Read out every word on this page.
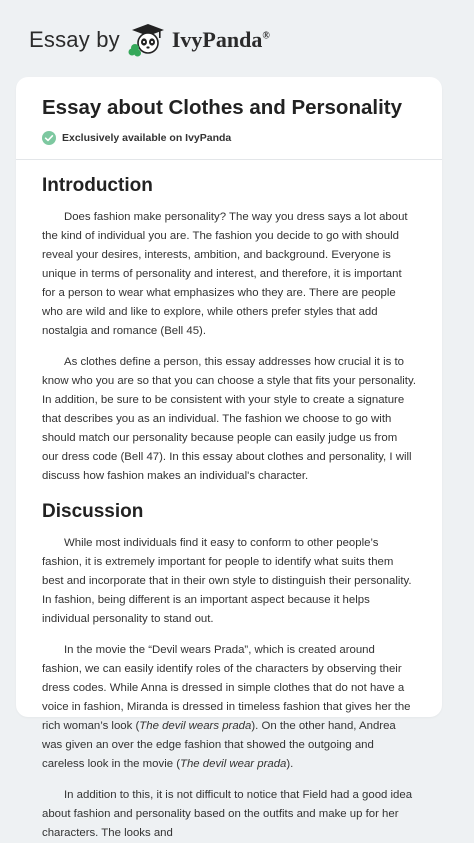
Essay by IvyPanda®
Essay about Clothes and Personality
Exclusively available on IvyPanda
Introduction

Does fashion make personality? The way you dress says a lot about the kind of individual you are. The fashion you decide to go with should reveal your desires, interests, ambition, and background. Everyone is unique in terms of personality and interest, and therefore, it is important for a person to wear what emphasizes who they are. There are people who are wild and like to explore, while others prefer styles that add nostalgia and romance (Bell 45).

As clothes define a person, this essay addresses how crucial it is to know who you are so that you can choose a style that fits your personality. In addition, be sure to be consistent with your style to create a signature that describes you as an individual. The fashion we choose to go with should match our personality because people can easily judge us from our dress code (Bell 47). In this essay about clothes and personality, I will discuss how fashion makes an individual's character.

Discussion

While most individuals find it easy to conform to other people’s fashion, it is extremely important for people to identify what suits them best and incorporate that in their own style to distinguish their personality. In fashion, being different is an important aspect because it helps individual personality to stand out.

In the movie the “Devil wears Prada”, which is created around fashion, we can easily identify roles of the characters by observing their dress codes. While Anna is dressed in simple clothes that do not have a voice in fashion, Miranda is dressed in timeless fashion that gives her the rich woman’s look (The devil wears prada). On the other hand, Andrea was given an over the edge fashion that showed the outgoing and careless look in the movie (The devil wear prada).

In addition to this, it is not difficult to notice that Field had a good idea about fashion and personality based on the outfits and make up for her characters. The looks and
